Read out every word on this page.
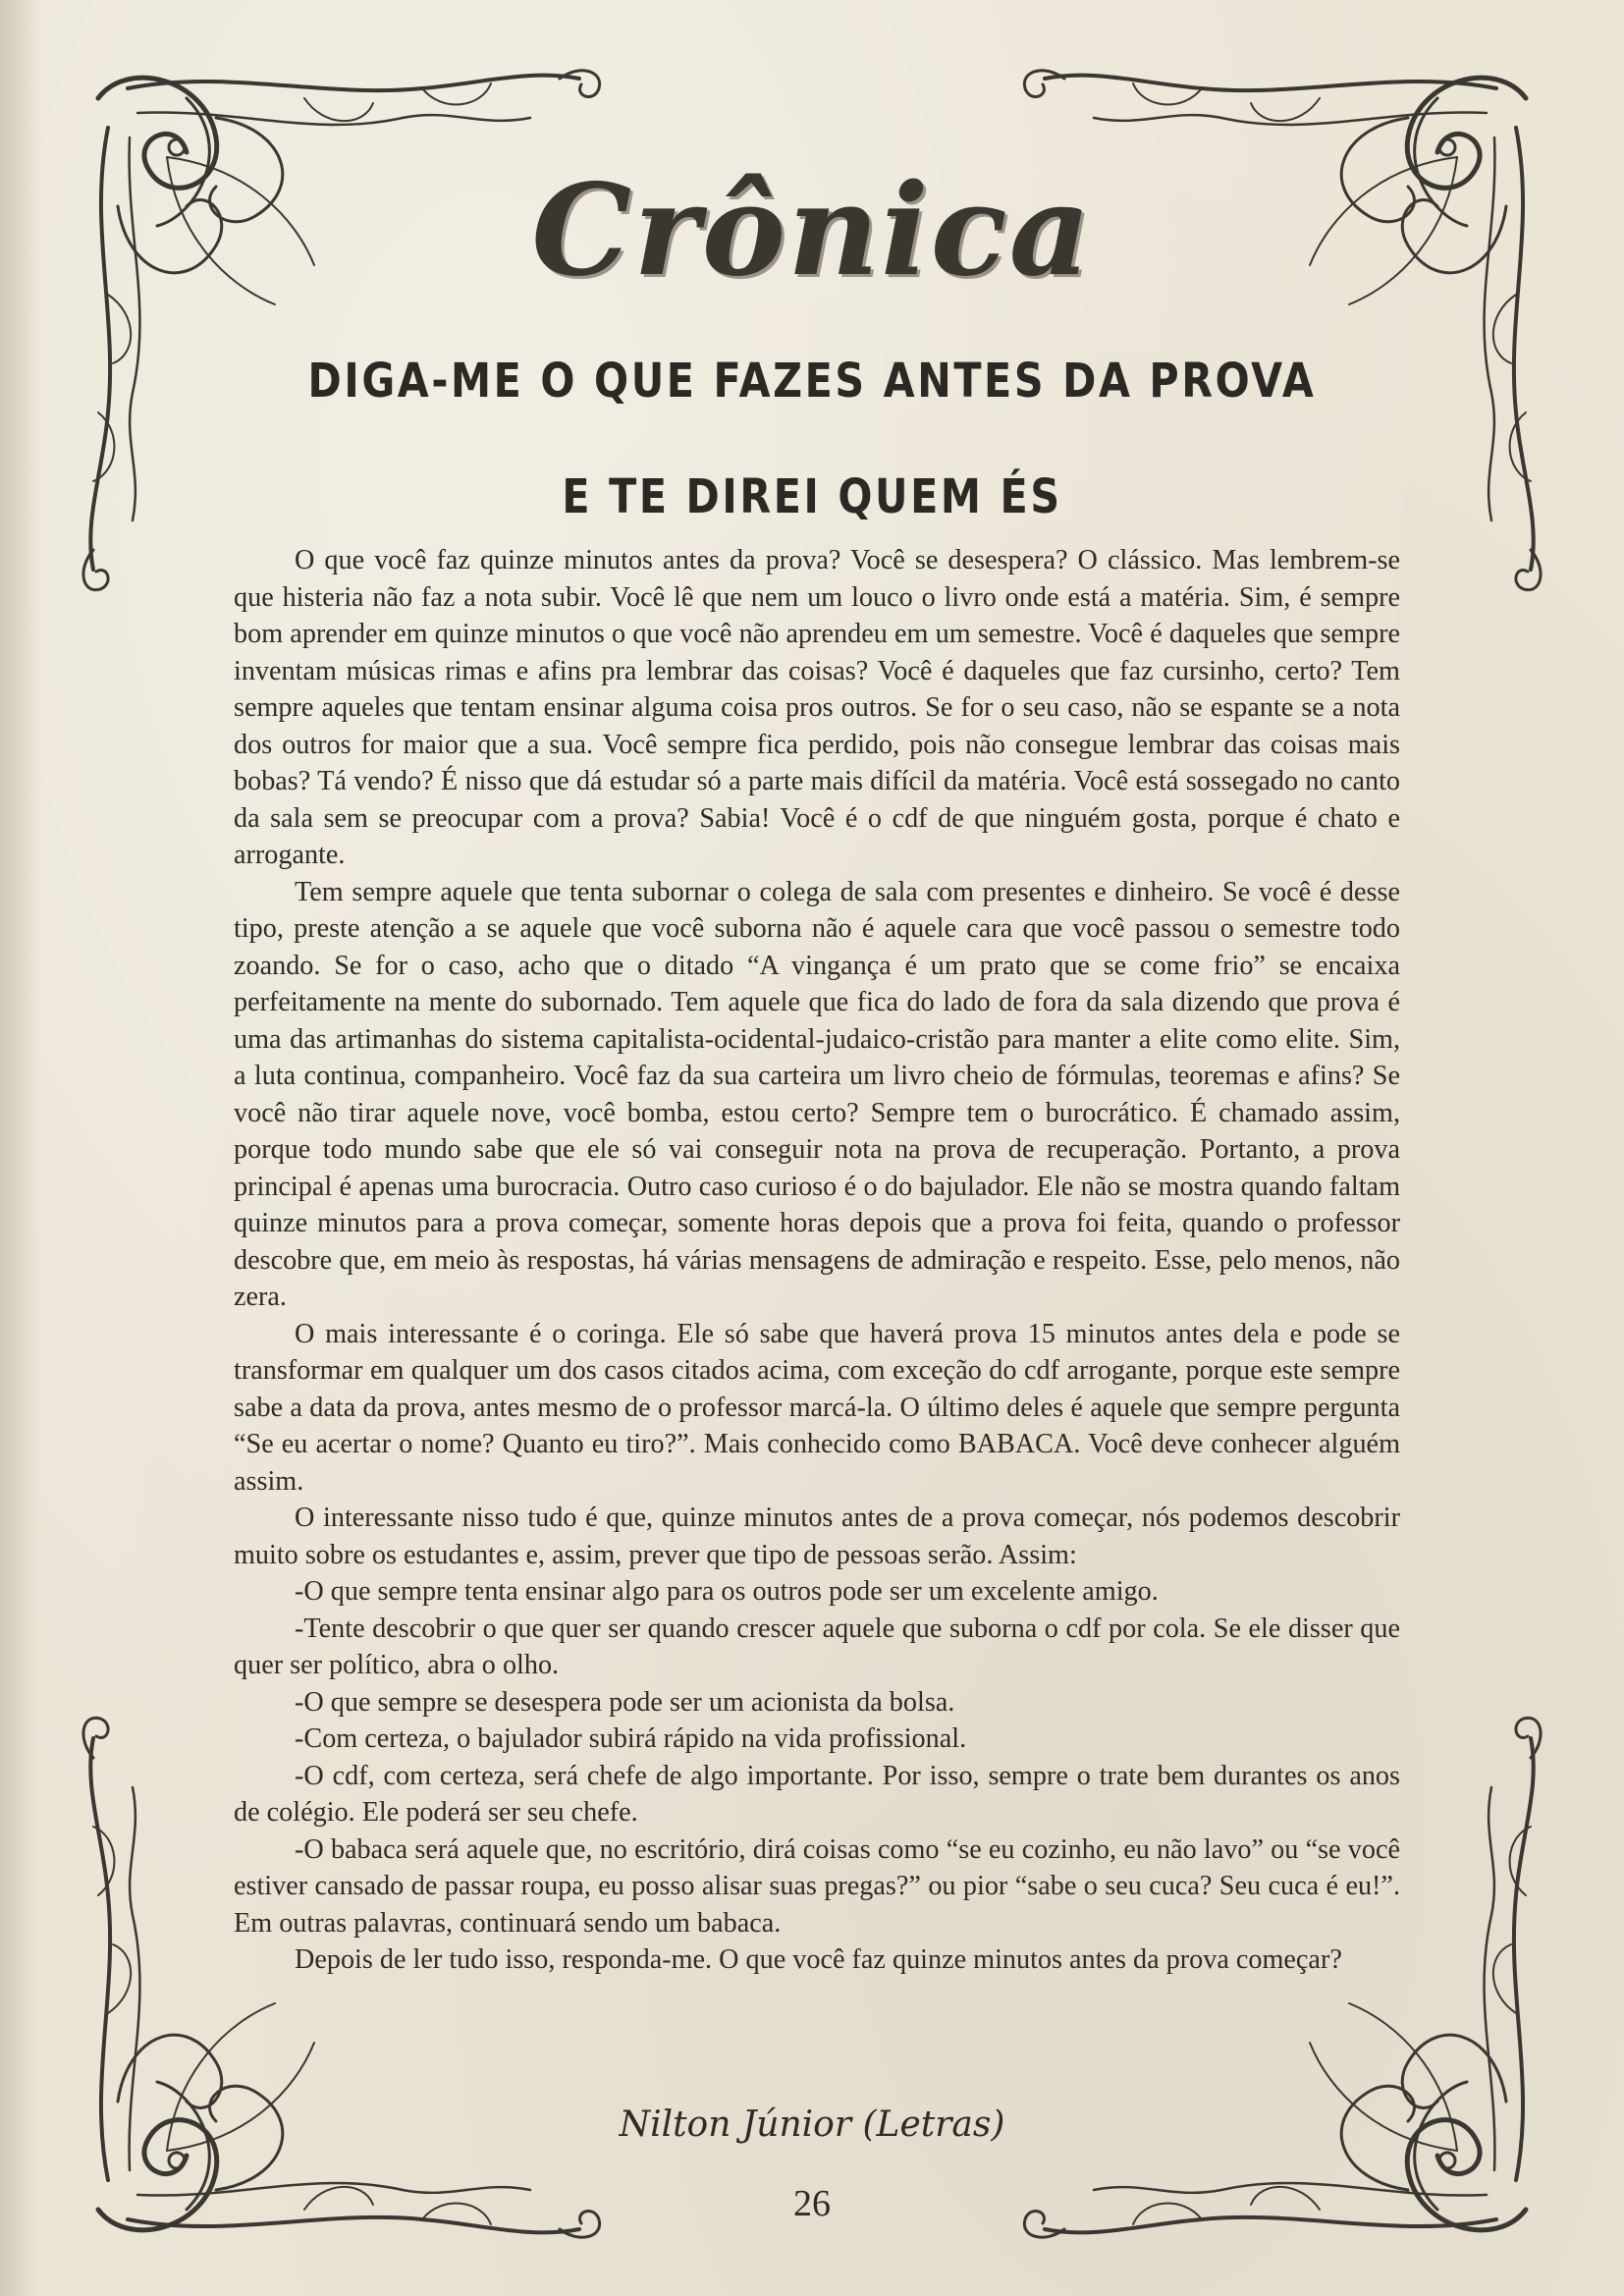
Crônica
DIGA-ME O QUE FAZES ANTES DA PROVA
E TE DIREI QUEM ÉS

O que você faz quinze minutos antes da prova? Você se desespera? O clássico. Mas lembrem-se que histeria não faz a nota subir. Você lê que nem um louco o livro onde está a matéria. Sim, é sempre bom aprender em quinze minutos o que você não aprendeu em um semestre. Você é daqueles que sempre inventam músicas rimas e afins pra lembrar das coisas? Você é daqueles que faz cursinho, certo? Tem sempre aqueles que tentam ensinar alguma coisa pros outros. Se for o seu caso, não se espante se a nota dos outros for maior que a sua. Você sempre fica perdido, pois não consegue lembrar das coisas mais bobas? Tá vendo? É nisso que dá estudar só a parte mais difícil da matéria. Você está sossegado no canto da sala sem se preocupar com a prova? Sabia! Você é o cdf de que ninguém gosta, porque é chato e arrogante.

Tem sempre aquele que tenta subornar o colega de sala com presentes e dinheiro. Se você é desse tipo, preste atenção a se aquele que você suborna não é aquele cara que você passou o semestre todo zoando. Se for o caso, acho que o ditado “A vingança é um prato que se come frio” se encaixa perfeitamente na mente do subornado. Tem aquele que fica do lado de fora da sala dizendo que prova é uma das artimanhas do sistema capitalista-ocidental-judaico-cristão para manter a elite como elite. Sim, a luta continua, companheiro. Você faz da sua carteira um livro cheio de fórmulas, teoremas e afins? Se você não tirar aquele nove, você bomba, estou certo? Sempre tem o burocrático. É chamado assim, porque todo mundo sabe que ele só vai conseguir nota na prova de recuperação. Portanto, a prova principal é apenas uma burocracia. Outro caso curioso é o do bajulador. Ele não se mostra quando faltam quinze minutos para a prova começar, somente horas depois que a prova foi feita, quando o professor descobre que, em meio às respostas, há várias mensagens de admiração e respeito. Esse, pelo menos, não zera.

O mais interessante é o coringa. Ele só sabe que haverá prova 15 minutos antes dela e pode se transformar em qualquer um dos casos citados acima, com exceção do cdf arrogante, porque este sempre sabe a data da prova, antes mesmo de o professor marcá-la. O último deles é aquele que sempre pergunta “Se eu acertar o nome? Quanto eu tiro?”. Mais conhecido como BABACA. Você deve conhecer alguém assim.

O interessante nisso tudo é que, quinze minutos antes de a prova começar, nós podemos descobrir muito sobre os estudantes e, assim, prever que tipo de pessoas serão. Assim:

-O que sempre tenta ensinar algo para os outros pode ser um excelente amigo.

-Tente descobrir o que quer ser quando crescer aquele que suborna o cdf por cola. Se ele disser que quer ser político, abra o olho.

-O que sempre se desespera pode ser um acionista da bolsa.

-Com certeza, o bajulador subirá rápido na vida profissional.

-O cdf, com certeza, será chefe de algo importante. Por isso, sempre o trate bem durantes os anos de colégio. Ele poderá ser seu chefe.

-O babaca será aquele que, no escritório, dirá coisas como “se eu cozinho, eu não lavo” ou “se você estiver cansado de passar roupa, eu posso alisar suas pregas?” ou pior “sabe o seu cuca? Seu cuca é eu!”. Em outras palavras, continuará sendo um babaca.

Depois de ler tudo isso, responda-me. O que você faz quinze minutos antes da prova começar?

Nilton Júnior (Letras)
26
